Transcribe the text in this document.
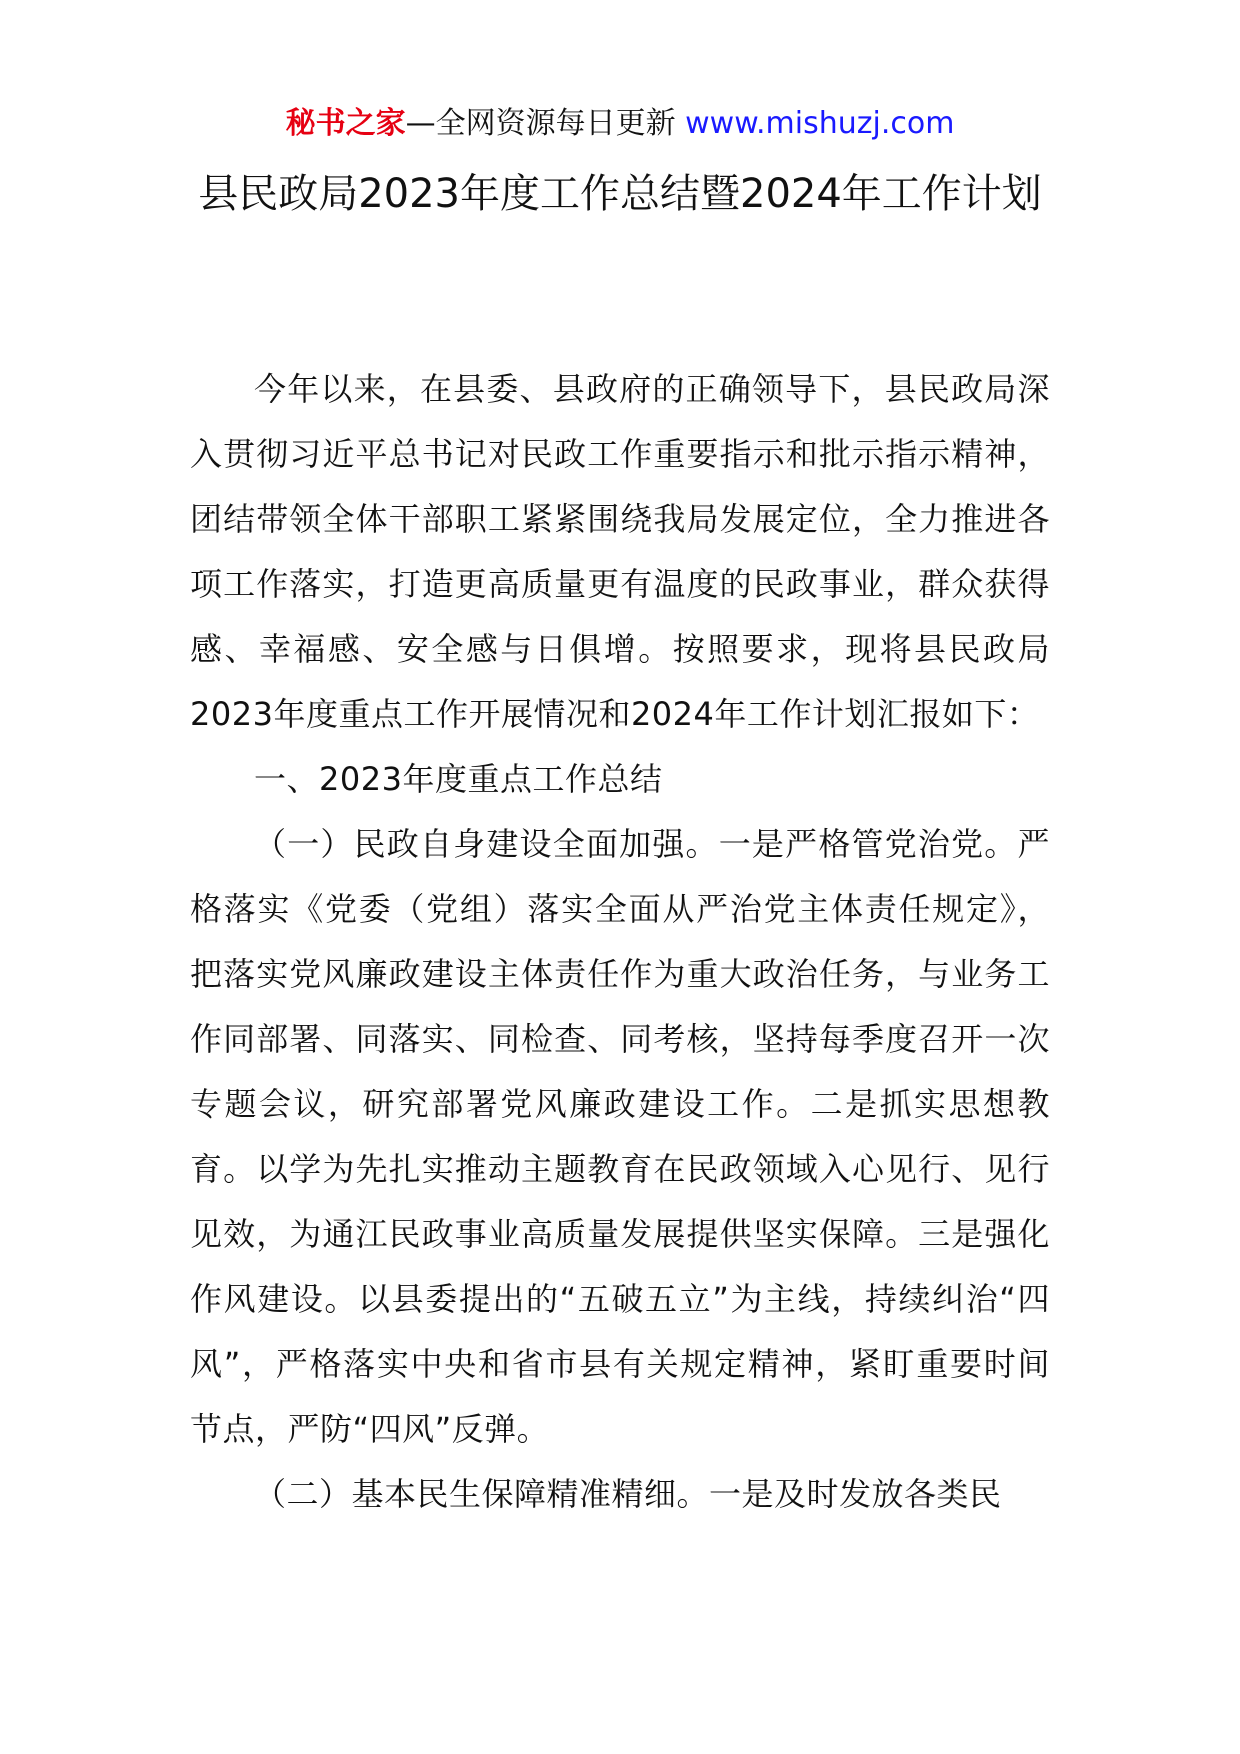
秘书之家—全网资源每日更新 www.mishuzj.com
县民政局2023年度工作总结暨2024年工作计划

今年以来，在县委、县政府的正确领导下，县民政局深入贯彻习近平总书记对民政工作重要指示和批示指示精神，团结带领全体干部职工紧紧围绕我局发展定位，全力推进各项工作落实，打造更高质量更有温度的民政事业，群众获得感、幸福感、安全感与日俱增。按照要求，现将县民政局2023年度重点工作开展情况和2024年工作计划汇报如下：

一、2023年度重点工作总结

（一）民政自身建设全面加强。一是严格管党治党。严格落实《党委（党组）落实全面从严治党主体责任规定》，把落实党风廉政建设主体责任作为重大政治任务，与业务工作同部署、同落实、同检查、同考核，坚持每季度召开一次专题会议，研究部署党风廉政建设工作。二是抓实思想教育。以学为先扎实推动主题教育在民政领域入心见行、见行见效，为通江民政事业高质量发展提供坚实保障。三是强化作风建设。以县委提出的“五破五立”为主线，持续纠治“四风”，严格落实中央和省市县有关规定精神，紧盯重要时间节点，严防“四风”反弹。

（二）基本民生保障精准精细。一是及时发放各类民
